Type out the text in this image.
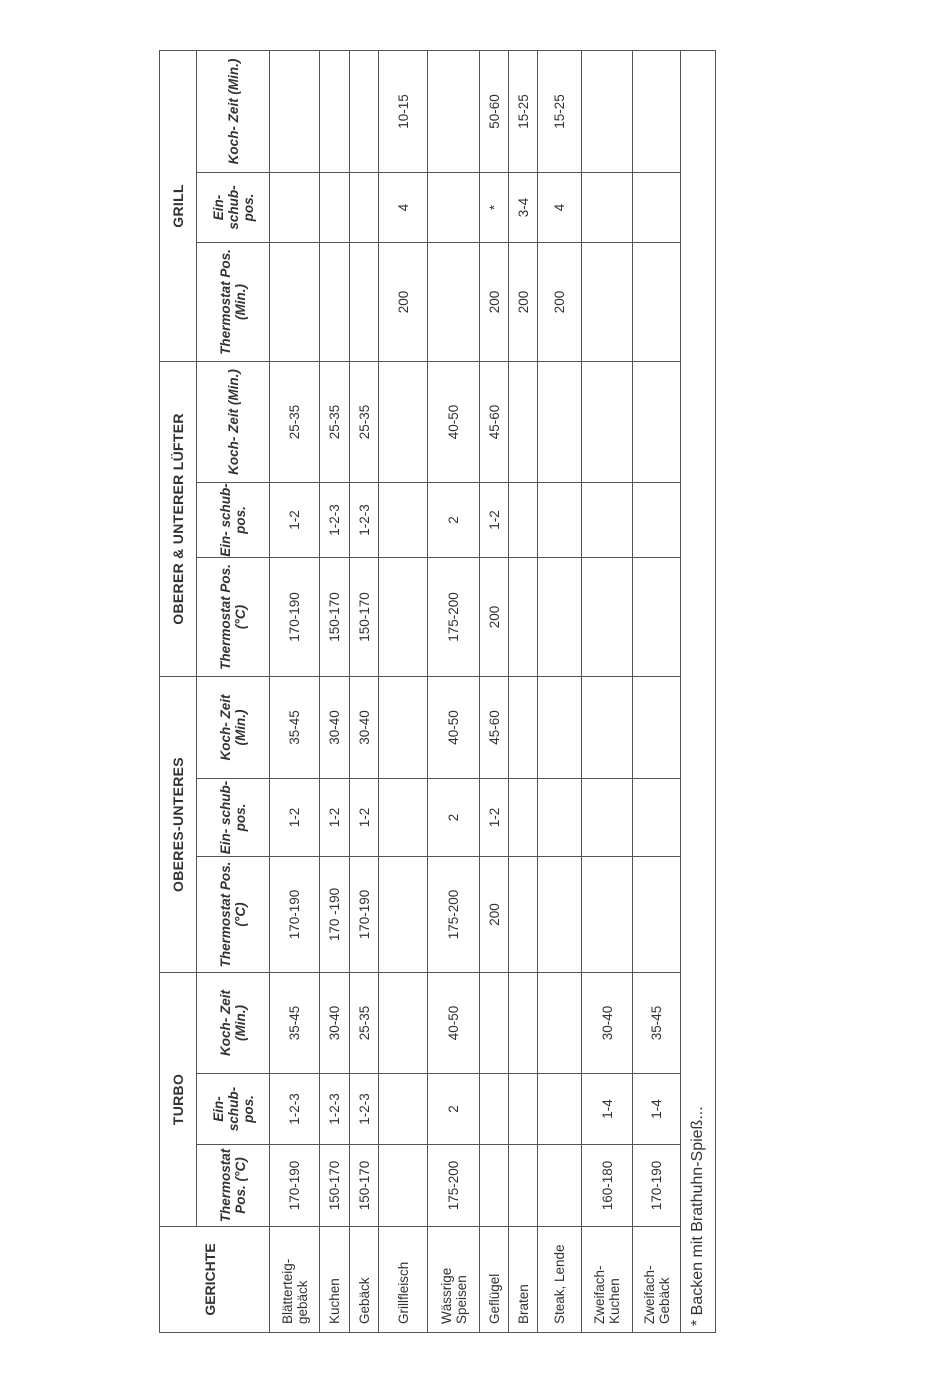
GERICHTE	TURBO			OBERES-UNTERES			OBERER & UNTERER LÜFTER			GRILL		
	Thermostat Pos. (°C)	Ein- schub- pos.	Koch- Zeit (Min.)	Thermostat Pos. (°C)	Ein- schub- pos.	Koch- Zeit (Min.)	Thermostat Pos. (°C)	Ein- schub- pos.	Koch- Zeit (Min.)	Thermostat Pos. (Min.)	Ein- schub- pos.	Koch- Zeit (Min.)
Blätterteig- gebäck	170-190	1-2-3	35-45	170-190	1-2	35-45	170-190	1-2	25-35			
Kuchen	150-170	1-2-3	30-40	170 -190	1-2	30-40	150-170	1-2-3	25-35			
Gebäck	150-170	1-2-3	25-35	170-190	1-2	30-40	150-170	1-2-3	25-35			
Grillfleisch										200	4	10-15
Wässrige Speisen	175-200	2	40-50	175-200	2	40-50	175-200	2	40-50			
Geflügel				200	1-2	45-60	200	1-2	45-60	200	*	50-60
Braten										200	3-4	15-25
Steak, Lende										200	4	15-25
Zweifach- Kuchen	160-180	1-4	30-40									
Zweifach- Gebäck	170-190	1-4	35-45									
* Backen mit Brathuhn-Spieß...												
